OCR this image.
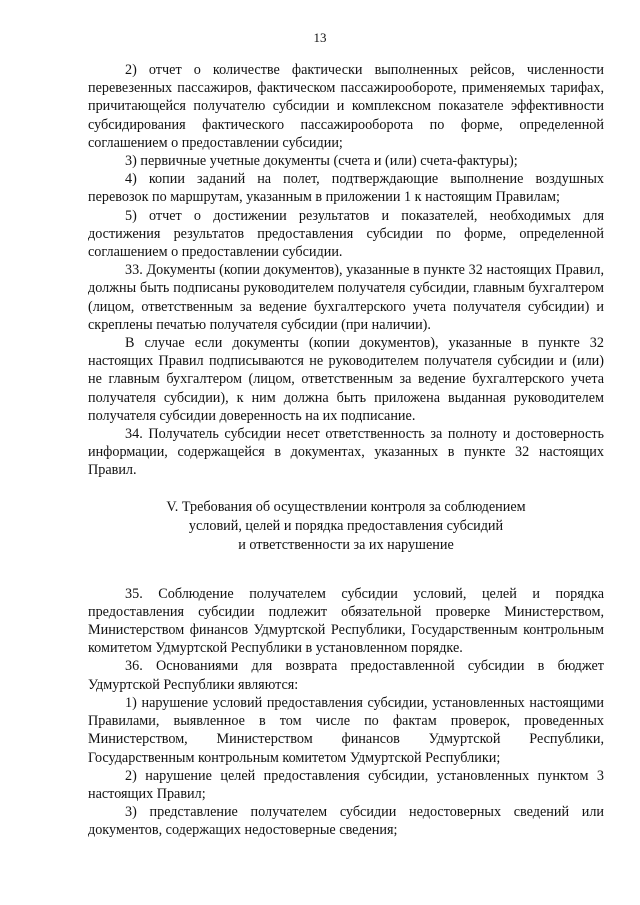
13

2) отчет о количестве фактически выполненных рейсов, численности перевезенных пассажиров, фактическом пассажирообороте, применяемых тарифах, причитающейся получателю субсидии и комплексном показателе эффективности субсидирования фактического пассажирооборота по форме, определенной соглашением о предоставлении субсидии;

3) первичные учетные документы (счета и (или) счета-фактуры);

4) копии заданий на полет, подтверждающие выполнение воздушных перевозок по маршрутам, указанным в приложении 1 к настоящим Правилам;

5) отчет о достижении результатов и показателей, необходимых для достижения результатов предоставления субсидии по форме, определенной соглашением о предоставлении субсидии.

33. Документы (копии документов), указанные в пункте 32 настоящих Правил, должны быть подписаны руководителем получателя субсидии, главным бухгалтером (лицом, ответственным за ведение бухгалтерского учета получателя субсидии) и скреплены печатью получателя субсидии (при наличии).

В случае если документы (копии документов), указанные в пункте 32 настоящих Правил подписываются не руководителем получателя субсидии и (или) не главным бухгалтером (лицом, ответственным за ведение бухгалтерского учета получателя субсидии), к ним должна быть приложена выданная руководителем получателя субсидии доверенность на их подписание.

34. Получатель субсидии несет ответственность за полноту и достоверность информации, содержащейся в документах, указанных в пункте 32 настоящих Правил.

V. Требования об осуществлении контроля за соблюдением
условий, целей и порядка предоставления субсидий
и ответственности за их нарушение

35. Соблюдение получателем субсидии условий, целей и порядка предоставления субсидии подлежит обязательной проверке Министерством, Министерством финансов Удмуртской Республики, Государственным контрольным комитетом Удмуртской Республики в установленном порядке.

36. Основаниями для возврата предоставленной субсидии в бюджет Удмуртской Республики являются:

1) нарушение условий предоставления субсидии, установленных настоящими Правилами, выявленное в том числе по фактам проверок, проведенных Министерством, Министерством финансов Удмуртской Республики, Государственным контрольным комитетом Удмуртской Республики;

2) нарушение целей предоставления субсидии, установленных пунктом 3 настоящих Правил;

3) представление получателем субсидии недостоверных сведений или документов, содержащих недостоверные сведения;
